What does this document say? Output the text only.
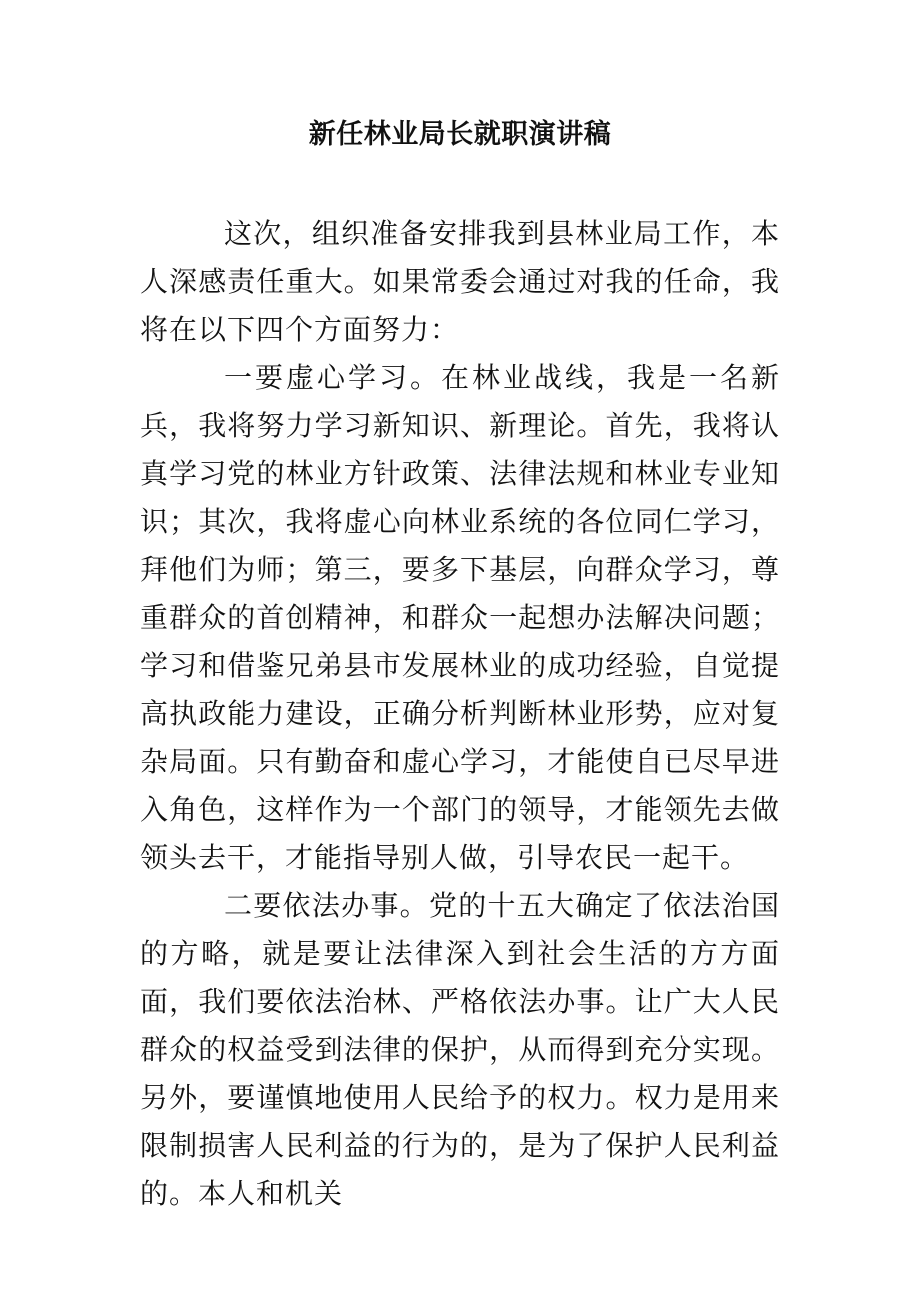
新任林业局长就职演讲稿

这次，组织准备安排我到县林业局工作，本人深感责任重大。如果常委会通过对我的任命，我将在以下四个方面努力：

一要虚心学习。在林业战线，我是一名新兵，我将努力学习新知识、新理论。首先，我将认真学习党的林业方针政策、法律法规和林业专业知识；其次，我将虚心向林业系统的各位同仁学习，拜他们为师；第三，要多下基层，向群众学习，尊重群众的首创精神，和群众一起想办法解决问题；学习和借鉴兄弟县市发展林业的成功经验，自觉提高执政能力建设，正确分析判断林业形势，应对复杂局面。只有勤奋和虚心学习，才能使自已尽早进入角色，这样作为一个部门的领导，才能领先去做领头去干，才能指导别人做，引导农民一起干。

二要依法办事。党的十五大确定了依法治国的方略，就是要让法律深入到社会生活的方方面面，我们要依法治林、严格依法办事。让广大人民群众的权益受到法律的保护，从而得到充分实现。另外，要谨慎地使用人民给予的权力。权力是用来限制损害人民利益的行为的，是为了保护人民利益的。本人和机关
